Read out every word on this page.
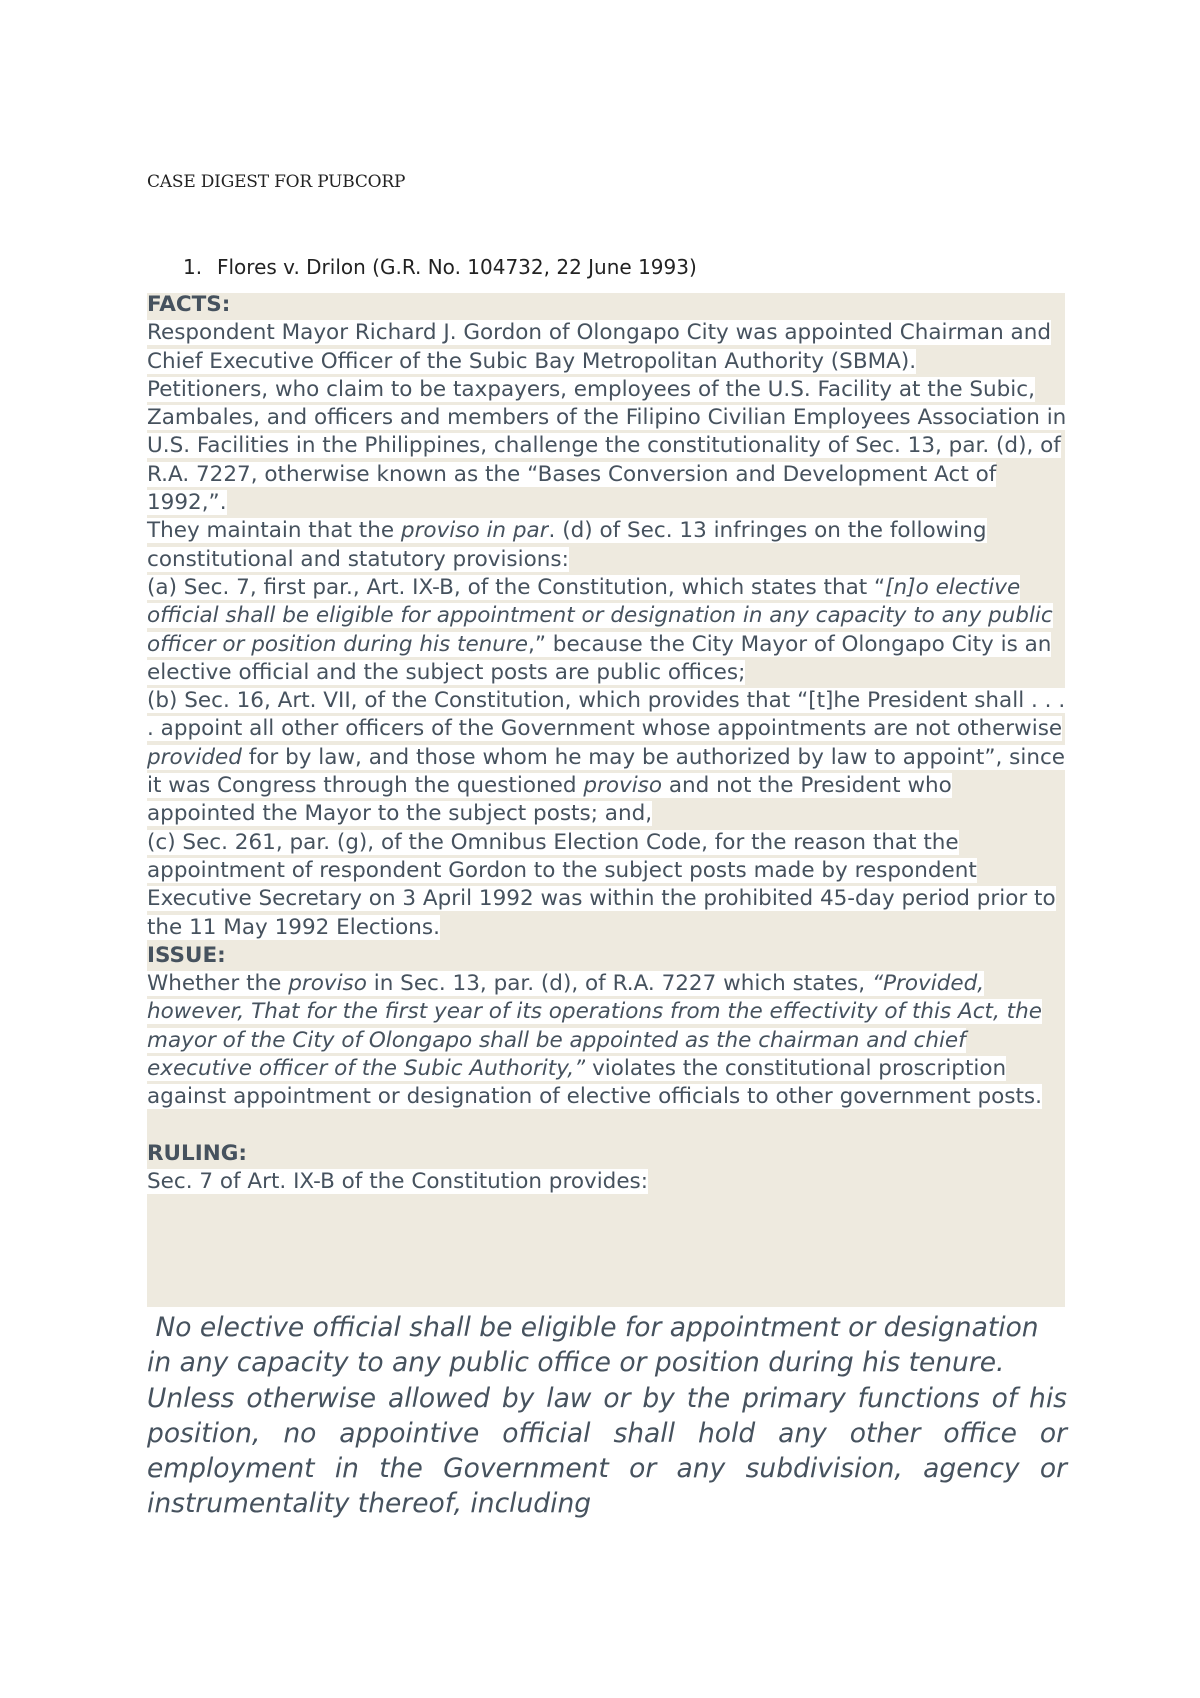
CASE DIGEST FOR PUBCORP
1. Flores v. Drilon (G.R. No. 104732, 22 June 1993)

FACTS:

Respondent Mayor Richard J. Gordon of Olongapo City was appointed Chairman and Chief Executive Officer of the Subic Bay Metropolitan Authority (SBMA).

Petitioners, who claim to be taxpayers, employees of the U.S. Facility at the Subic, Zambales, and officers and members of the Filipino Civilian Employees Association in U.S. Facilities in the Philippines, challenge the constitutionality of Sec. 13, par. (d), of R.A. 7227, otherwise known as the “Bases Conversion and Development Act of 1992,”.

They maintain that the proviso in par. (d) of Sec. 13 infringes on the following constitutional and statutory provisions:

(a) Sec. 7, first par., Art. IX-B, of the Constitution, which states that “[n]o elective official shall be eligible for appointment or designation in any capacity to any public officer or position during his tenure,” because the City Mayor of Olongapo City is an elective official and the subject posts are public offices;

(b) Sec. 16, Art. VII, of the Constitution, which provides that “[t]he President shall . . . . appoint all other officers of the Government whose appointments are not otherwise provided for by law, and those whom he may be authorized by law to appoint”, since it was Congress through the questioned proviso and not the President who appointed the Mayor to the subject posts; and,

(c) Sec. 261, par. (g), of the Omnibus Election Code, for the reason that the appointment of respondent Gordon to the subject posts made by respondent Executive Secretary on 3 April 1992 was within the prohibited 45-day period prior to the 11 May 1992 Elections.

ISSUE:

Whether the proviso in Sec. 13, par. (d), of R.A. 7227 which states, “Provided, however, That for the first year of its operations from the effectivity of this Act, the mayor of the City of Olongapo shall be appointed as the chairman and chief executive officer of the Subic Authority,” violates the constitutional proscription against appointment or designation of elective officials to other government posts.

RULING:

Sec. 7 of Art. IX-B of the Constitution provides:

No elective official shall be eligible for appointment or designation in any capacity to any public office or position during his tenure.

Unless otherwise allowed by law or by the primary functions of his position, no appointive official shall hold any other office or employment in the Government or any subdivision, agency or instrumentality thereof, including
